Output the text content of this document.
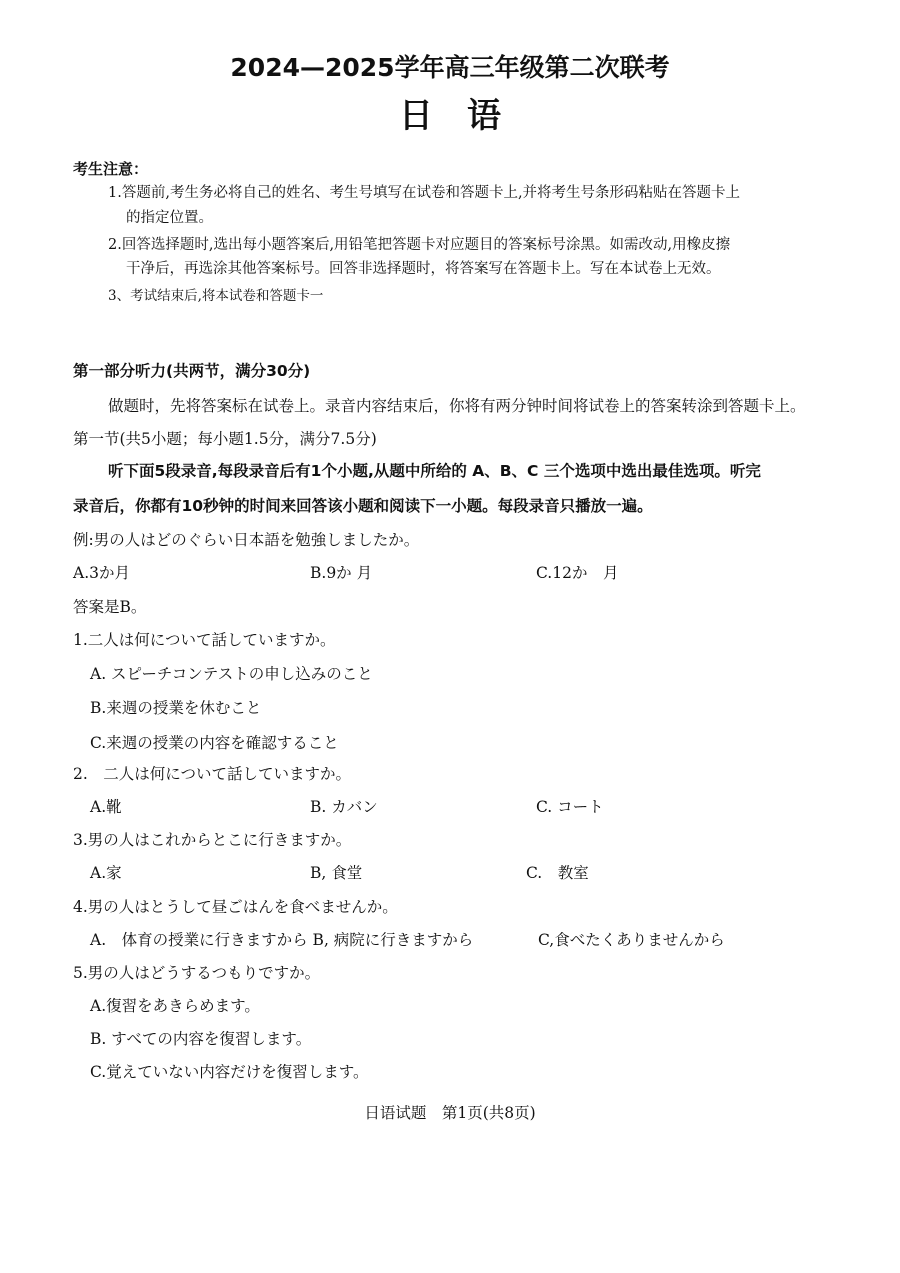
2024—2025学年高三年级第二次联考
日　语
考生注意：
1.答题前,考生务必将自己的姓名、考生号填写在试卷和答题卡上,并将考生号条形码粘贴在答题卡上
的指定位置。
2.回答选择题时,选出每小题答案后,用铅笔把答题卡对应题目的答案标号涂黑。如需改动,用橡皮擦
干净后，再选涂其他答案标号。回答非选择题时，将答案写在答题卡上。写在本试卷上无效。
3、考试结束后,将本试卷和答题卡一
第一部分听力(共两节，满分30分)
做题时，先将答案标在试卷上。录音内容结束后，你将有两分钟时间将试卷上的答案转涂到答题卡上。
第一节(共5小题；每小题1.5分，满分7.5分)
听下面5段录音,每段录音后有1个小题,从题中所给的 A、B、C 三个选项中选出最佳选项。听完
录音后，你都有10秒钟的时间来回答该小题和阅读下一小题。每段录音只播放一遍。
例:男の人はどのぐらい日本語を勉強しましたか。
A.3か月	B.9か 月	C.12か　月
答案是B。
1.二人は何について話していますか。
A. スピーチコンテストの申し込みのこと
B.来週の授業を休むこと
C.来週の授業の内容を確認すること
2.　二人は何について話していますか。
A.靴	B. カバン	C. コート
3.男の人はこれからとこに行きますか。
A.家	B, 食堂	C.　教室
4.男の人はとうして昼ごはんを食べませんか。
A.　体育の授業に行きますから B, 病院に行きますから	C,食べたくありませんから
5.男の人はどうするつもりですか。
A.復習をあきらめます。
B. すべての内容を復習します。
C.覚えていない内容だけを復習します。
日语试题　第1页(共8页)
